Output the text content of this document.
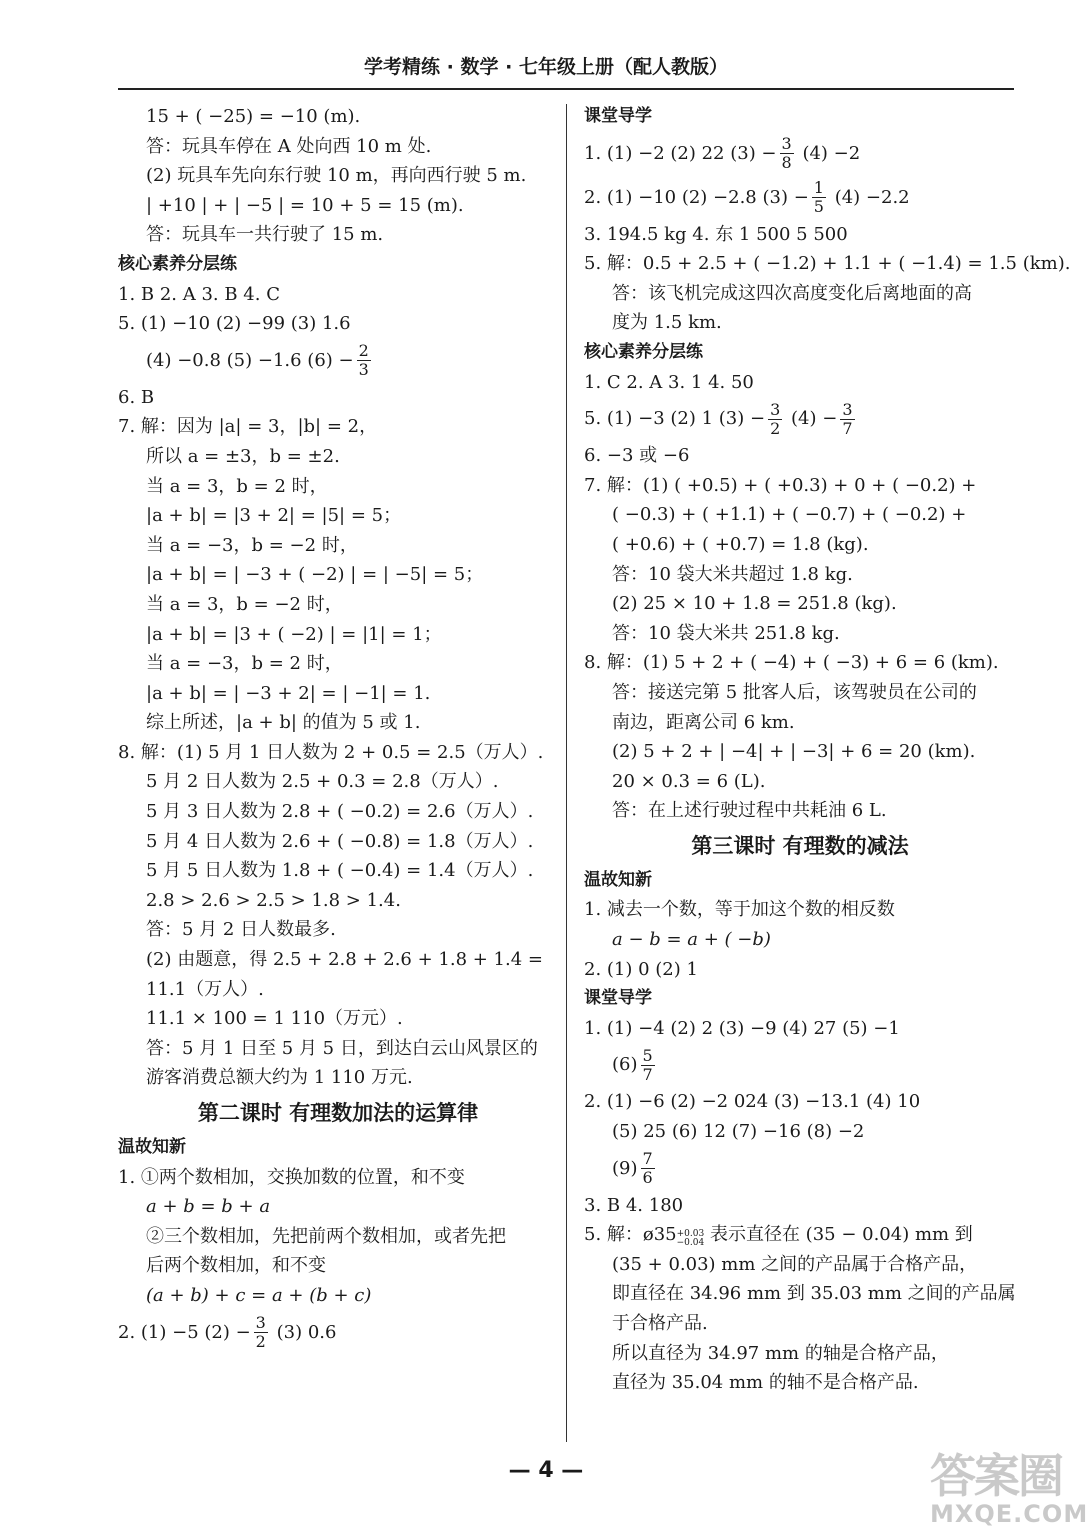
学考精练 · 数学 · 七年级上册（配人教版）
15 + ( −25) = −10 (m).
答：玩具车停在 A 处向西 10 m 处.
(2) 玩具车先向东行驶 10 m，再向西行驶 5 m.
| +10 | + | −5 | = 10 + 5 = 15 (m).
答：玩具车一共行驶了 15 m.
核心素养分层练
1. B 2. A 3. B 4. C
5. (1) −10 (2) −99 (3) 1.6
(4) −0.8 (5) −1.6 $(6) - \frac{2}{3}$
6. B
7. 解：因为 |a| = 3，|b| = 2，
所以 a = ±3，b = ±2.
当 a = 3，b = 2 时，
|a + b| = |3 + 2| = |5| = 5；
当 a = −3，b = −2 时，
|a + b| = | −3 + ( −2) | = | −5| = 5；
当 a = 3，b = −2 时，
|a + b| = |3 + ( −2) | = |1| = 1；
当 a = −3，b = 2 时，
|a + b| = | −3 + 2| = | −1| = 1.
综上所述，|a + b| 的值为 5 或 1.
8. 解：(1) 5 月 1 日人数为 2 + 0.5 = 2.5（万人）.
5 月 2 日人数为 2.5 + 0.3 = 2.8（万人）.
5 月 3 日人数为 2.8 + ( −0.2) = 2.6（万人）.
5 月 4 日人数为 2.6 + ( −0.8) = 1.8（万人）.
5 月 5 日人数为 1.8 + ( −0.4) = 1.4（万人）.
2.8 > 2.6 > 2.5 > 1.8 > 1.4.
答：5 月 2 日人数最多.
(2) 由题意，得 2.5 + 2.8 + 2.6 + 1.8 + 1.4 =
11.1（万人）.
11.1 × 100 = 1 110（万元）.
答：5 月 1 日至 5 月 5 日，到达白云山风景区的
游客消费总额大约为 1 110 万元.
第二课时 有理数加法的运算律
温故知新
1. ①两个数相加，交换加数的位置，和不变
a + b = b + a
②三个数相加，先把前两个数相加，或者先把
后两个数相加，和不变
(a + b) + c = a + (b + c)
2. (1) −5 $(2) - \frac{3}{2} (3)$ 0.6
课堂导学
1. (1) −2 (2) 22 $(3) - \frac{3}{8} (4) -2$
2. (1) −10 (2) −2.8 $(3) - \frac{1}{5} (4) -2.2$
3. 194.5 kg 4. 东 1 500 5 500
5. 解：0.5 + 2.5 + ( −1.2) + 1.1 + ( −1.4) = 1.5 (km).
答：该飞机完成这四次高度变化后离地面的高
度为 1.5 km.
核心素养分层练
1. C 2. A 3. 1 4. 50
5. (1) −3 (2) 1 $(3) - \frac{3}{2} (4) - \frac{3}{7}$
6. −3 或 −6
7. 解：(1) ( +0.5) + ( +0.3) + 0 + ( −0.2) +
( −0.3) + ( +1.1) + ( −0.7) + ( −0.2) +
( +0.6) + ( +0.7) = 1.8 (kg).
答：10 袋大米共超过 1.8 kg.
(2) 25 × 10 + 1.8 = 251.8 (kg).
答：10 袋大米共 251.8 kg.
8. 解：(1) 5 + 2 + ( −4) + ( −3) + 6 = 6 (km).
答：接送完第 5 批客人后，该驾驶员在公司的
南边，距离公司 6 km.
(2) 5 + 2 + | −4| + | −3| + 6 = 20 (km).
20 × 0.3 = 6 (L).
答：在上述行驶过程中共耗油 6 L.
第三课时 有理数的减法
温故知新
1. 减去一个数，等于加这个数的相反数
a − b = a + ( −b)
2. (1) 0 (2) 1
课堂导学
1. (1) −4 (2) 2 (3) −9 (4) 27 (5) −1
$(6) \frac{5}{7}$
2. (1) −6 (2) −2 024 (3) −13.1 (4) 10
(5) 25 (6) 12 (7) −16 (8) −2
$(9) \frac{7}{6}$
3. B 4. 180
5. 解：ø35 +0.03
−0.04 表示直径在 (35 − 0.04) mm 到
(35 + 0.03) mm 之间的产品属于合格产品，
即直径在 34.96 mm 到 35.03 mm 之间的产品属
于合格产品.
所以直径为 34.97 mm 的轴是合格产品，
直径为 35.04 mm 的轴不是合格产品.
— 4 —	答案圈
MXQE.COM
